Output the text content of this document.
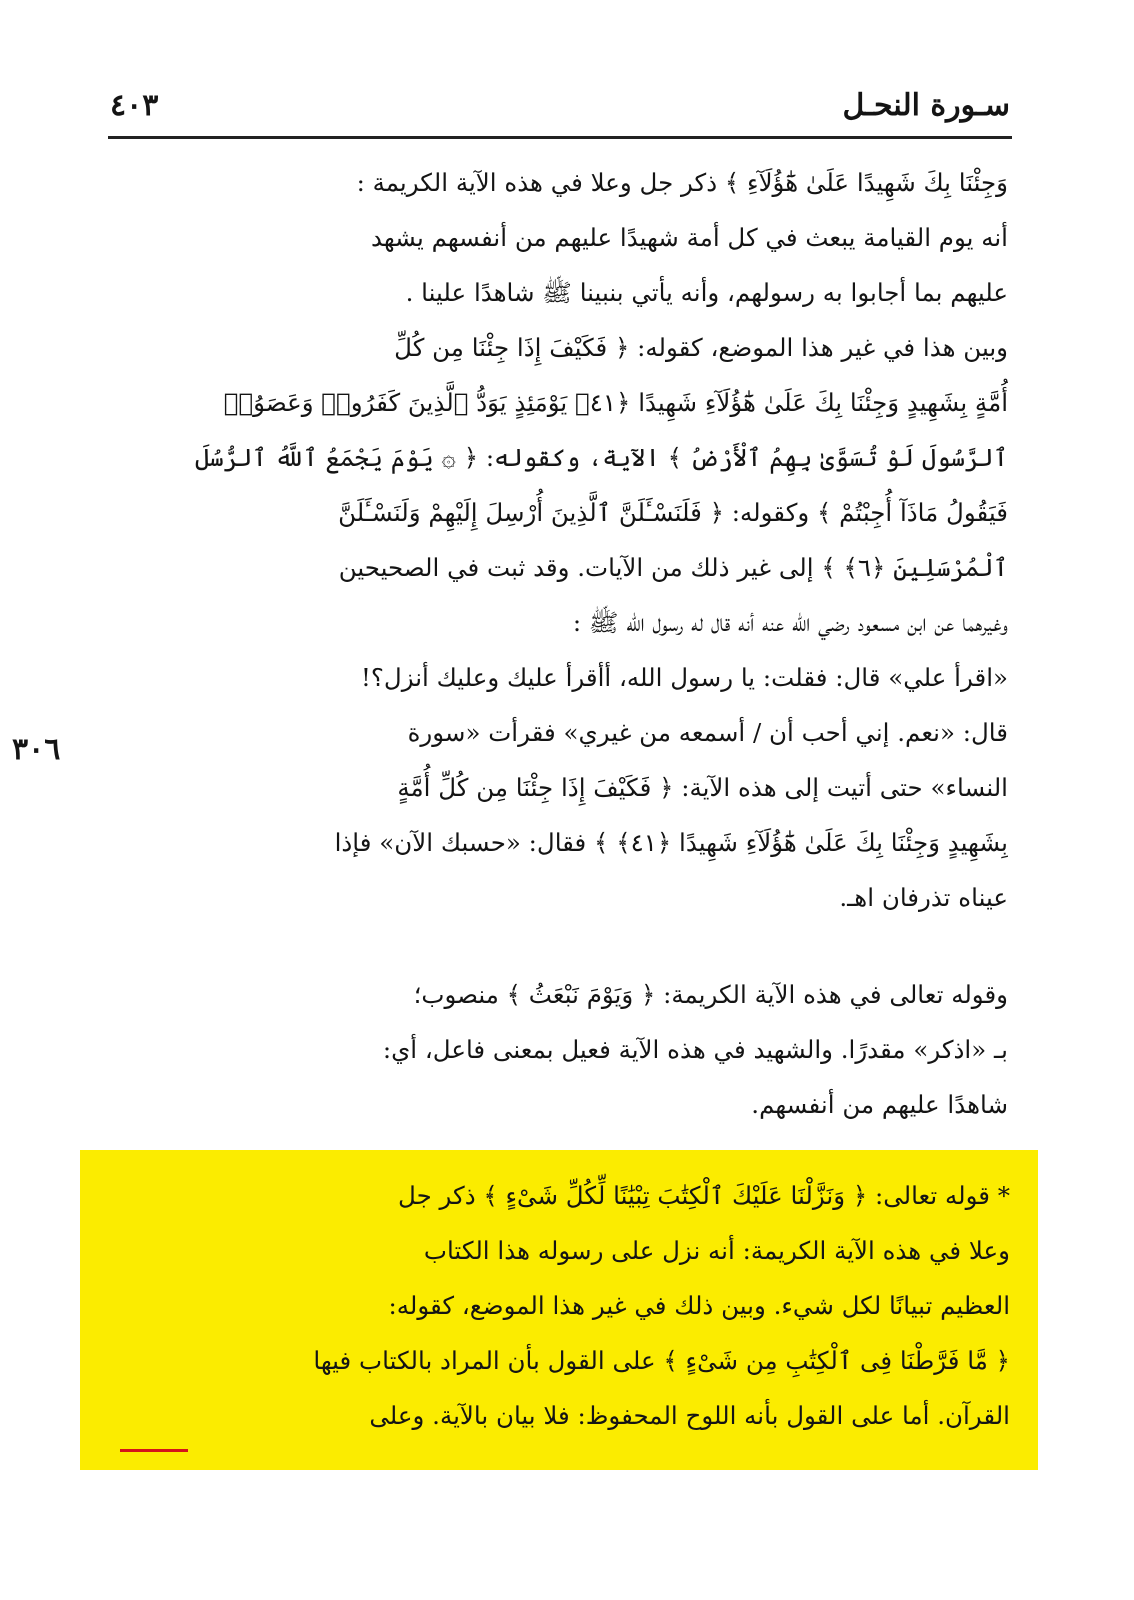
سـورة النحـل
٤٠٣
٣٠٦
وَجِئْنَا بِكَ شَهِيدًا عَلَىٰ هَٰٓؤُلَآءِ ﴾ ذكر جل وعلا في هذه الآية الكريمة :
أنه يوم القيامة يبعث في كل أمة شهيدًا عليهم من أنفسهم يشهد
عليهم بما أجابوا به رسولهم، وأنه يأتي بنبينا ﷺ شاهدًا علينا .
وبين هذا في غير هذا الموضع، كقوله: ﴿ فَكَيْفَ إِذَا جِئْنَا مِن كُلِّ
أُمَّةٍ بِشَهِيدٍ وَجِئْنَا بِكَ عَلَىٰ هَٰٓؤُلَآءِ شَهِيدًا ﴿٤١﴾ يَوْمَئِذٍ يَوَدُّ ٱلَّذِينَ كَفَرُوا۟ وَعَصَوُا۟
ٱلرَّسُولَ لَوْ تُسَوَّىٰ بِهِمُ ٱلْأَرْضُ ﴾ الآية، وكقوله: ﴿ ۞ يَوْمَ يَجْمَعُ ٱللَّهُ ٱلرُّسُلَ
فَيَقُولُ مَاذَآ أُجِبْتُمْ ﴾ وكقوله: ﴿ فَلَنَسْـَٔلَنَّ ٱلَّذِينَ أُرْسِلَ إِلَيْهِمْ وَلَنَسْـَٔلَنَّ
ٱلْمُرْسَلِينَ ﴿٦﴾ ﴾ إلى غير ذلك من الآيات. وقد ثبت في الصحيحين
وغيرهما عن ابن مسعود رضي الله عنه أنه قال له رسول الله ﷺ :
«اقرأ علي» قال: فقلت: يا رسول الله، أأقرأ عليك وعليك أنزل؟!
قال: «نعم. إني أحب أن / أسمعه من غيري» فقرأت «سورة
النساء» حتى أتيت إلى هذه الآية: ﴿ فَكَيْفَ إِذَا جِئْنَا مِن كُلِّ أُمَّةٍ
بِشَهِيدٍ وَجِئْنَا بِكَ عَلَىٰ هَٰٓؤُلَآءِ شَهِيدًا ﴿٤١﴾ ﴾ فقال: «حسبك الآن» فإذا
عيناه تذرفان اهـ.
وقوله تعالى في هذه الآية الكريمة: ﴿ وَيَوْمَ نَبْعَثُ ﴾ منصوب؛
بـ «اذكر» مقدرًا. والشهيد في هذه الآية فعيل بمعنى فاعل، أي:
شاهدًا عليهم من أنفسهم.
* قوله تعالى: ﴿ وَنَزَّلْنَا عَلَيْكَ ٱلْكِتَٰبَ تِبْيَٰنًا لِّكُلِّ شَىْءٍ ﴾ ذكر جل
وعلا في هذه الآية الكريمة: أنه نزل على رسوله هذا الكتاب
العظيم تبيانًا لكل شيء. وبين ذلك في غير هذا الموضع، كقوله:
﴿ مَّا فَرَّطْنَا فِى ٱلْكِتَٰبِ مِن شَىْءٍ ﴾ على القول بأن المراد بالكتاب فيها
القرآن. أما على القول بأنه اللوح المحفوظ: فلا بيان بالآية. وعلى
